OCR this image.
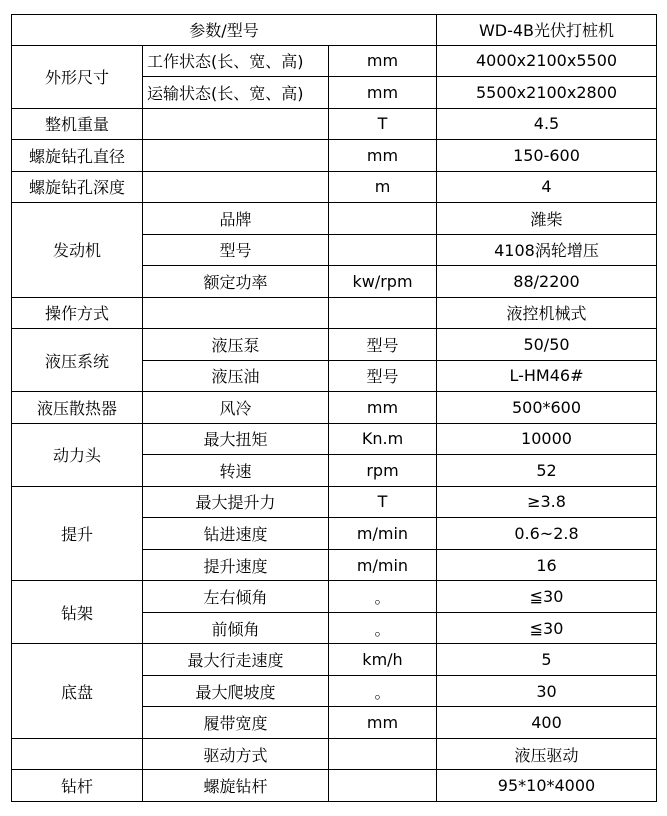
参数/型号			WD-4B光伏打桩机
外形尺寸	工作状态(长、宽、高)	mm	4000x2100x5500
	运输状态(长、宽、高)	mm	5500x2100x2800
整机重量		T	4.5
螺旋钻孔直径		mm	150-600
螺旋钻孔深度		m	4
发动机	品牌		潍柴
	型号		4108涡轮增压
	额定功率	kw/rpm	88/2200
操作方式			液控机械式
液压系统	液压泵	型号	50/50
	液压油	型号	L-HM46#
液压散热器	风冷	mm	500*600
动力头	最大扭矩	Kn.m	10000
	转速	rpm	52
提升	最大提升力	T	≥3.8
	钻进速度	m/min	0.6~2.8
	提升速度	m/min	16
钻架	左右倾角	。	≦30
	前倾角	。	≦30
底盘	最大行走速度	km/h	5
	最大爬坡度	。	30
	履带宽度	mm	400
	驱动方式		液压驱动
钻杆	螺旋钻杆		95*10*4000
